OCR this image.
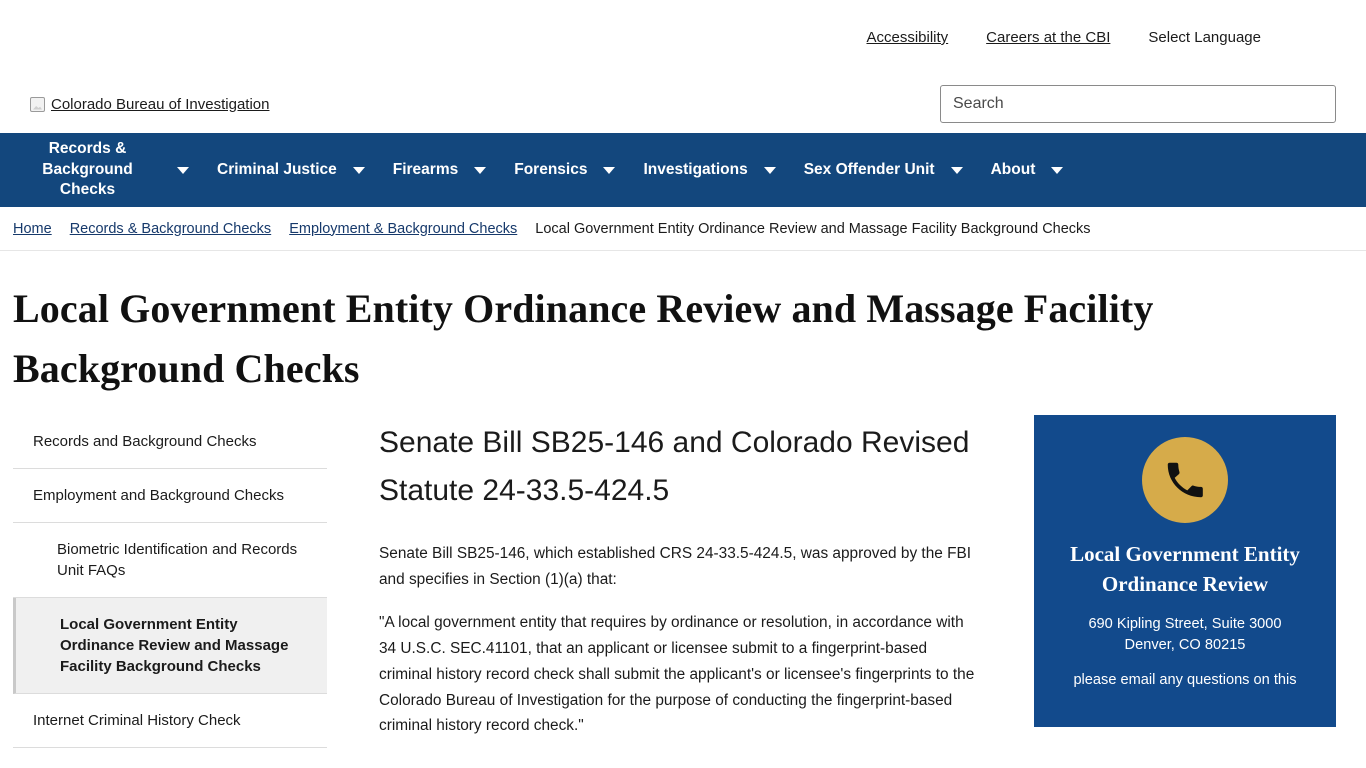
Accessibility	Careers at the CBI	Select Language
Colorado Bureau of Investigation
Search
Records & Background Checks
Criminal Justice	Firearms	Forensics	Investigations	Sex Offender Unit	About
Home Records & Background Checks Employment & Background Checks Local Government Entity Ordinance Review and Massage Facility Background Checks
Local Government Entity Ordinance Review and Massage Facility Background Checks
Records and Background Checks
Employment and Background Checks
Biometric Identification and Records Unit FAQs
Local Government Entity Ordinance Review and Massage Facility Background Checks
Internet Criminal History Check
Senate Bill SB25-146 and Colorado Revised Statute 24-33.5-424.5

Senate Bill SB25-146, which established CRS 24-33.5-424.5, was approved by the FBI and specifies in Section (1)(a) that:

"A local government entity that requires by ordinance or resolution, in accordance with 34 U.S.C. SEC.41101, that an applicant or licensee submit to a fingerprint-based criminal history record check shall submit the applicant's or licensee's fingerprints to the Colorado Bureau of Investigation for the purpose of conducting the fingerprint-based criminal history record check."

Local Government Entity Ordinance Review
690 Kipling Street, Suite 3000
Denver, CO 80215

please email any questions on this
